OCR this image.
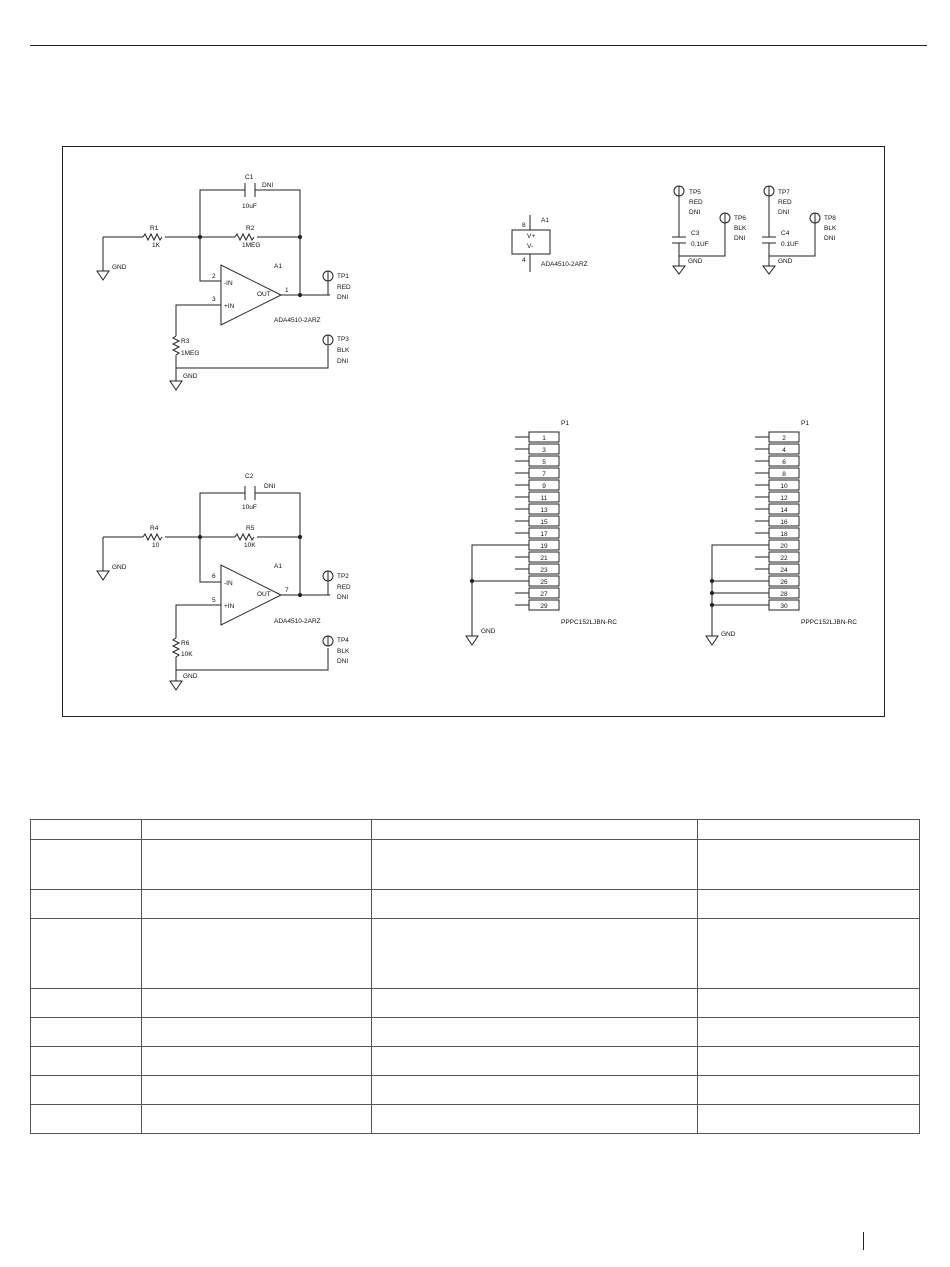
1
3
5
7
9
11
13
15
17
19
21
23
25
27
29
2
4
6
8
10
12
14
16
18
20
22
24
26
28
30
C1
DNI
10uF
R1
1K
R2
1MEG
GND
2
-IN
3
+IN
OUT
1
A1
ADA4510-2ARZ
TP1
RED
DNI
R3
1MEG
TP3
BLK
DNI
GND
C2
DNI
10uF
R4
10
R5
10K
GND
6
-IN
5
+IN
OUT
7
A1
ADA4510-2ARZ
TP2
RED
DNI
R6
10K
TP4
BLK
DNI
GND
8
A1
V+
V-
4
ADA4510-2ARZ
TP5
RED
DNI
TP6
BLK
DNI
C3
0.1UF
GND
TP7
RED
DNI
TP8
BLK
DNI
C4
0.1UF
GND
P1
PPPC152LJBN-RC
GND
P1
PPPC152LJBN-RC
GND
